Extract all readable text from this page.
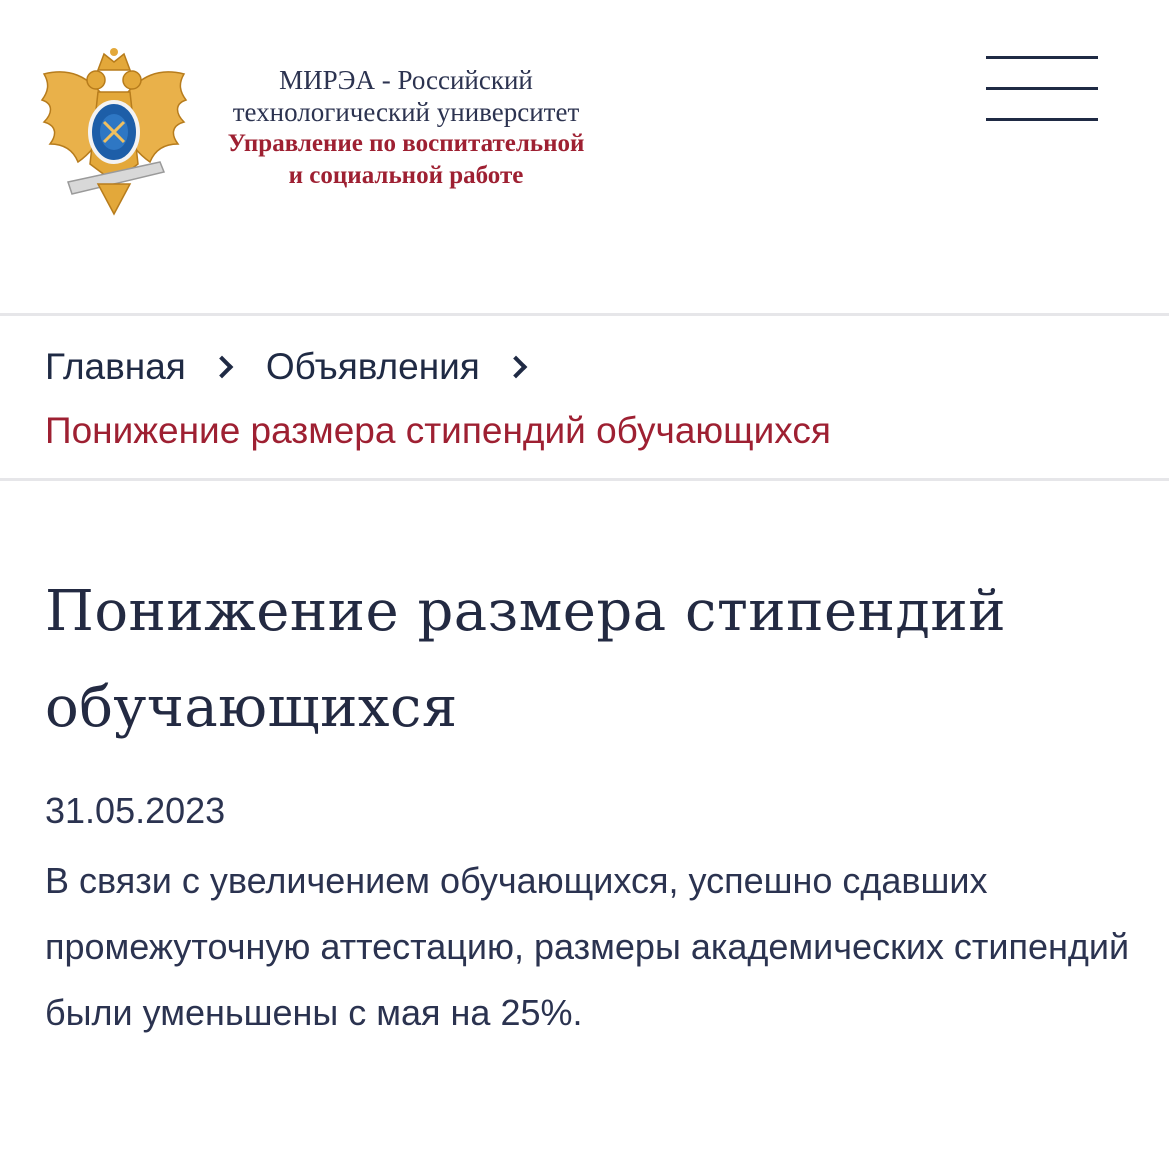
МИРЭА - Российский
технологический университет
Управление по воспитательной
и социальной работе
Главная Объявления
Понижение размера стипендий обучающихся
Понижение размера стипендий обучающихся
31.05.2023

В связи с увеличением обучающихся, успешно сдавших промежуточную аттестацию, размеры академических стипендий были уменьшены с мая на 25%.
